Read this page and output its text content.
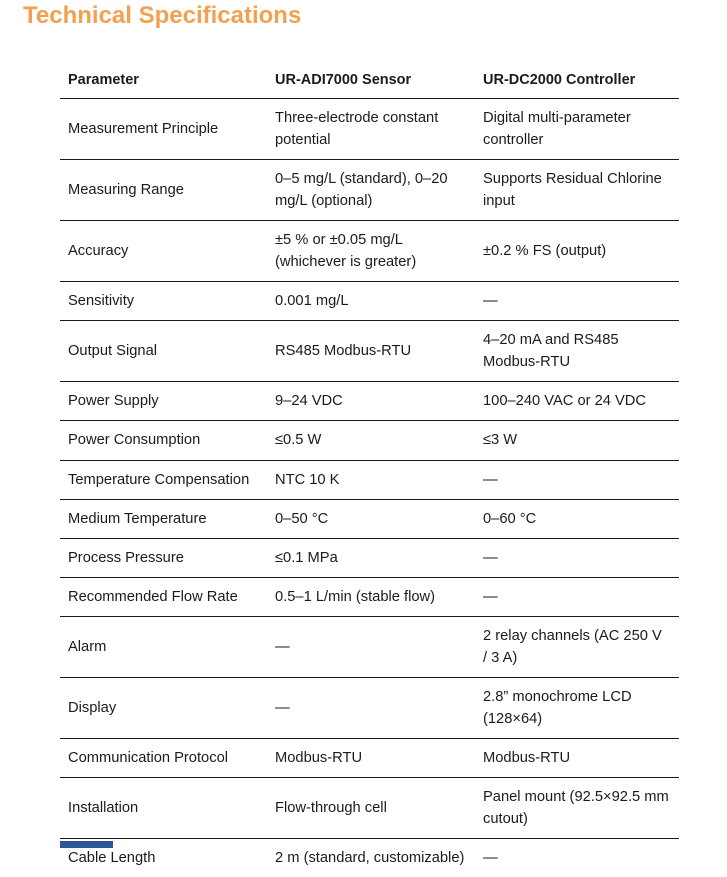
Technical Specifications
Parameter	UR-ADI7000 Sensor	UR-DC2000 Controller
Measurement Principle	Three-electrode constant potential	Digital multi-parameter controller
Measuring Range	0–5 mg/L (standard), 0–20 mg/L (optional)	Supports Residual Chlorine input
Accuracy	±5 % or ±0.05 mg/L (whichever is greater)	±0.2 % FS (output)
Sensitivity	0.001 mg/L	—
Output Signal	RS485 Modbus-RTU	4–20 mA and RS485 Modbus-RTU
Power Supply	9–24 VDC	100–240 VAC or 24 VDC
Power Consumption	≤0.5 W	≤3 W
Temperature Compensation	NTC 10 K	—
Medium Temperature	0–50 °C	0–60 °C
Process Pressure	≤0.1 MPa	—
Recommended Flow Rate	0.5–1 L/min (stable flow)	—
Alarm	—	2 relay channels (AC 250 V / 3 A)
Display	—	2.8” monochrome LCD (128×64)
Communication Protocol	Modbus-RTU	Modbus-RTU
Installation	Flow-through cell	Panel mount (92.5×92.5 mm cutout)
Cable Length	2 m (standard, customizable)	—
